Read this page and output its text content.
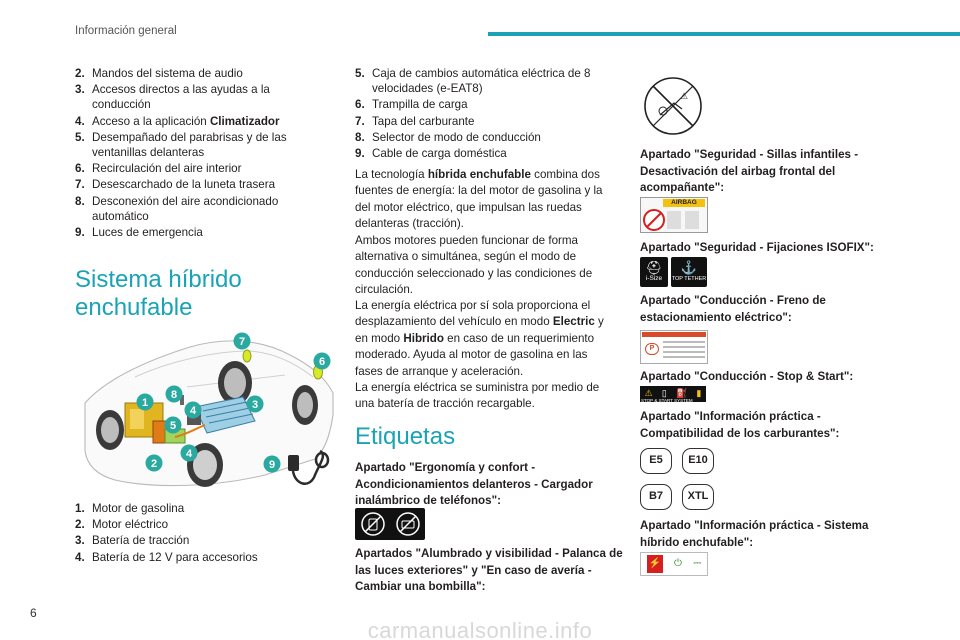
Información general
2. Mandos del sistema de audio
3. Accesos directos a las ayudas a la conducción
4. Acceso a la aplicación Climatizador
5. Desempañado del parabrisas y de las ventanillas delanteras
6. Recirculación del aire interior
7. Desescarchado de la luneta trasera
8. Desconexión del aire acondicionado automático
9. Luces de emergencia
Sistema híbrido
enchufable
1
2
3
4
4
5
6
7
8
9
1. Motor de gasolina
2. Motor eléctrico
3. Batería de tracción
4. Batería de 12 V para accesorios
5. Caja de cambios automática eléctrica de 8 velocidades (e-EAT8)
6. Trampilla de carga
7. Tapa del carburante
8. Selector de modo de conducción
9. Cable de carga doméstica
La tecnología híbrida enchufable combina dos fuentes de energía: la del motor de gasolina y la del motor eléctrico, que impulsan las ruedas delanteras (tracción).
Ambos motores pueden funcionar de forma alternativa o simultánea, según el modo de conducción seleccionado y las condiciones de circulación.
La energía eléctrica por sí sola proporciona el desplazamiento del vehículo en modo Electric y en modo Hibrido en caso de un requerimiento moderado. Ayuda al motor de gasolina en las fases de arranque y aceleración.
La energía eléctrica se suministra por medio de una batería de tracción recargable.
Etiquetas
Apartado "Ergonomía y confort - Acondicionamientos delanteros - Cargador inalámbrico de teléfonos":
Apartados "Alumbrado y visibilidad - Palanca de las luces exteriores" y "En caso de avería - Cambiar una bombilla":
⚠
Apartado "Seguridad - Sillas infantiles - Desactivación del airbag frontal del acompañante":
AIRBAG
Apartado "Seguridad - Fijaciones ISOFIX":
⛑
i-Size
⚓
TOP TETHER
Apartado "Conducción - Freno de estacionamiento eléctrico":
P
Apartado "Conducción - Stop & Start":
⚠ ▯ ⛽ ▮
STOP & START SYSTEM
Apartado "Información práctica - Compatibilidad de los carburantes":
E5	E10
B7	XTL
Apartado "Información práctica - Sistema híbrido enchufable":
⚡ ⏻ ⎓
6
carmanualsonline.info
